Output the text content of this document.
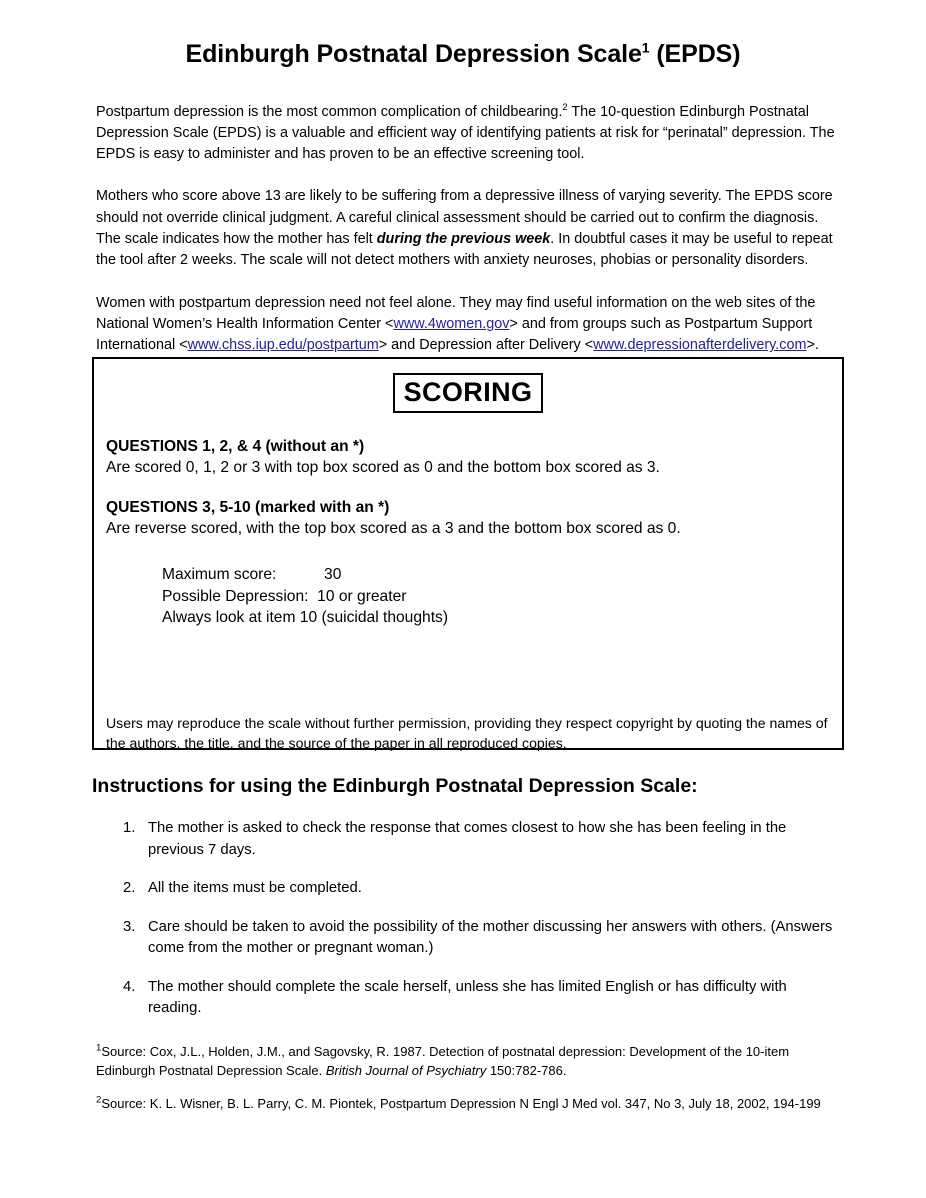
Edinburgh Postnatal Depression Scale$^1$ (EPDS)

Postpartum depression is the most common complication of childbearing.$^2$ The 10-question Edinburgh Postnatal Depression Scale (EPDS) is a valuable and efficient way of identifying patients at risk for “perinatal” depression. The EPDS is easy to administer and has proven to be an effective screening tool.

Mothers who score above 13 are likely to be suffering from a depressive illness of varying severity. The EPDS score should not override clinical judgment. A careful clinical assessment should be carried out to confirm the diagnosis. The scale indicates how the mother has felt during the previous week. In doubtful cases it may be useful to repeat the tool after 2 weeks. The scale will not detect mothers with anxiety neuroses, phobias or personality disorders.

Women with postpartum depression need not feel alone. They may find useful information on the web sites of the National Women’s Health Information Center <www.4women.gov> and from groups such as Postpartum Support International <www.chss.iup.edu/postpartum> and Depression after Delivery <www.depressionafterdelivery.com>.

SCORING

QUESTIONS 1, 2, & 4 (without an *)

Are scored 0, 1, 2 or 3 with top box scored as 0 and the bottom box scored as 3.

QUESTIONS 3, 5-10 (marked with an *)

Are reverse scored, with the top box scored as a 3 and the bottom box scored as 0.

Maximum score:           30
Possible Depression:  10 or greater
Always look at item 10 (suicidal thoughts)

Users may reproduce the scale without further permission, providing they respect copyright by quoting the names of the authors, the title, and the source of the paper in all reproduced copies.

Instructions for using the Edinburgh Postnatal Depression Scale:
1. The mother is asked to check the response that comes closest to how she has been feeling in the previous 7 days.
2. All the items must be completed.
3. Care should be taken to avoid the possibility of the mother discussing her answers with others. (Answers come from the mother or pregnant woman.)
4. The mother should complete the scale herself, unless she has limited English or has difficulty with reading.

$^1$Source: Cox, J.L., Holden, J.M., and Sagovsky, R. 1987. Detection of postnatal depression: Development of the 10-item Edinburgh Postnatal Depression Scale. British Journal of Psychiatry 150:782-786.

$^2$Source: K. L. Wisner, B. L. Parry, C. M. Piontek, Postpartum Depression N Engl J Med vol. 347, No 3, July 18, 2002, 194-199
